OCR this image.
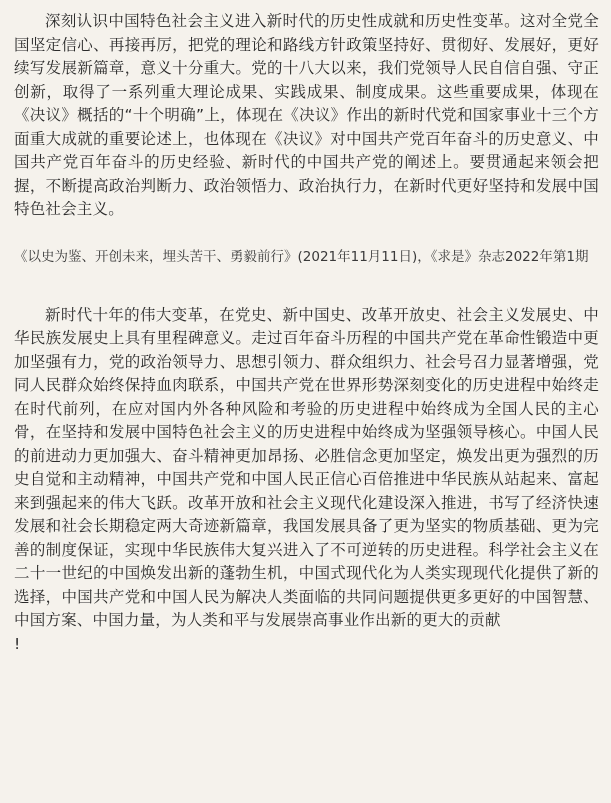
深刻认识中国特色社会主义进入新时代的历史性成就和历史性变革。这对全党全国坚定信心、再接再厉，把党的理论和路线方针政策坚持好、贯彻好、发展好，更好续写发展新篇章，意义十分重大。党的十八大以来，我们党领导人民自信自强、守正创新，取得了一系列重大理论成果、实践成果、制度成果。这些重要成果，体现在《决议》概括的“十个明确”上，体现在《决议》作出的新时代党和国家事业十三个方面重大成就的重要论述上，也体现在《决议》对中国共产党百年奋斗的历史意义、中国共产党百年奋斗的历史经验、新时代的中国共产党的阐述上。要贯通起来领会把握，不断提高政治判断力、政治领悟力、政治执行力，在新时代更好坚持和发展中国特色社会主义。

《以史为鉴、开创未来，埋头苦干、勇毅前行》(2021年11月11日)，《求是》杂志2022年第1期

新时代十年的伟大变革，在党史、新中国史、改革开放史、社会主义发展史、中华民族发展史上具有里程碑意义。走过百年奋斗历程的中国共产党在革命性锻造中更加坚强有力，党的政治领导力、思想引领力、群众组织力、社会号召力显著增强，党同人民群众始终保持血肉联系，中国共产党在世界形势深刻变化的历史进程中始终走在时代前列，在应对国内外各种风险和考验的历史进程中始终成为全国人民的主心骨，在坚持和发展中国特色社会主义的历史进程中始终成为坚强领导核心。中国人民的前进动力更加强大、奋斗精神更加昂扬、必胜信念更加坚定，焕发出更为强烈的历史自觉和主动精神，中国共产党和中国人民正信心百倍推进中华民族从站起来、富起来到强起来的伟大飞跃。改革开放和社会主义现代化建设深入推进，书写了经济快速发展和社会长期稳定两大奇迹新篇章，我国发展具备了更为坚实的物质基础、更为完善的制度保证，实现中华民族伟大复兴进入了不可逆转的历史进程。科学社会主义在二十一世纪的中国焕发出新的蓬勃生机，中国式现代化为人类实现现代化提供了新的选择，中国共产党和中国人民为解决人类面临的共同问题提供更多更好的中国智慧、中国方案、中国力量，为人类和平与发展崇高事业作出新的更大的贡献

!
